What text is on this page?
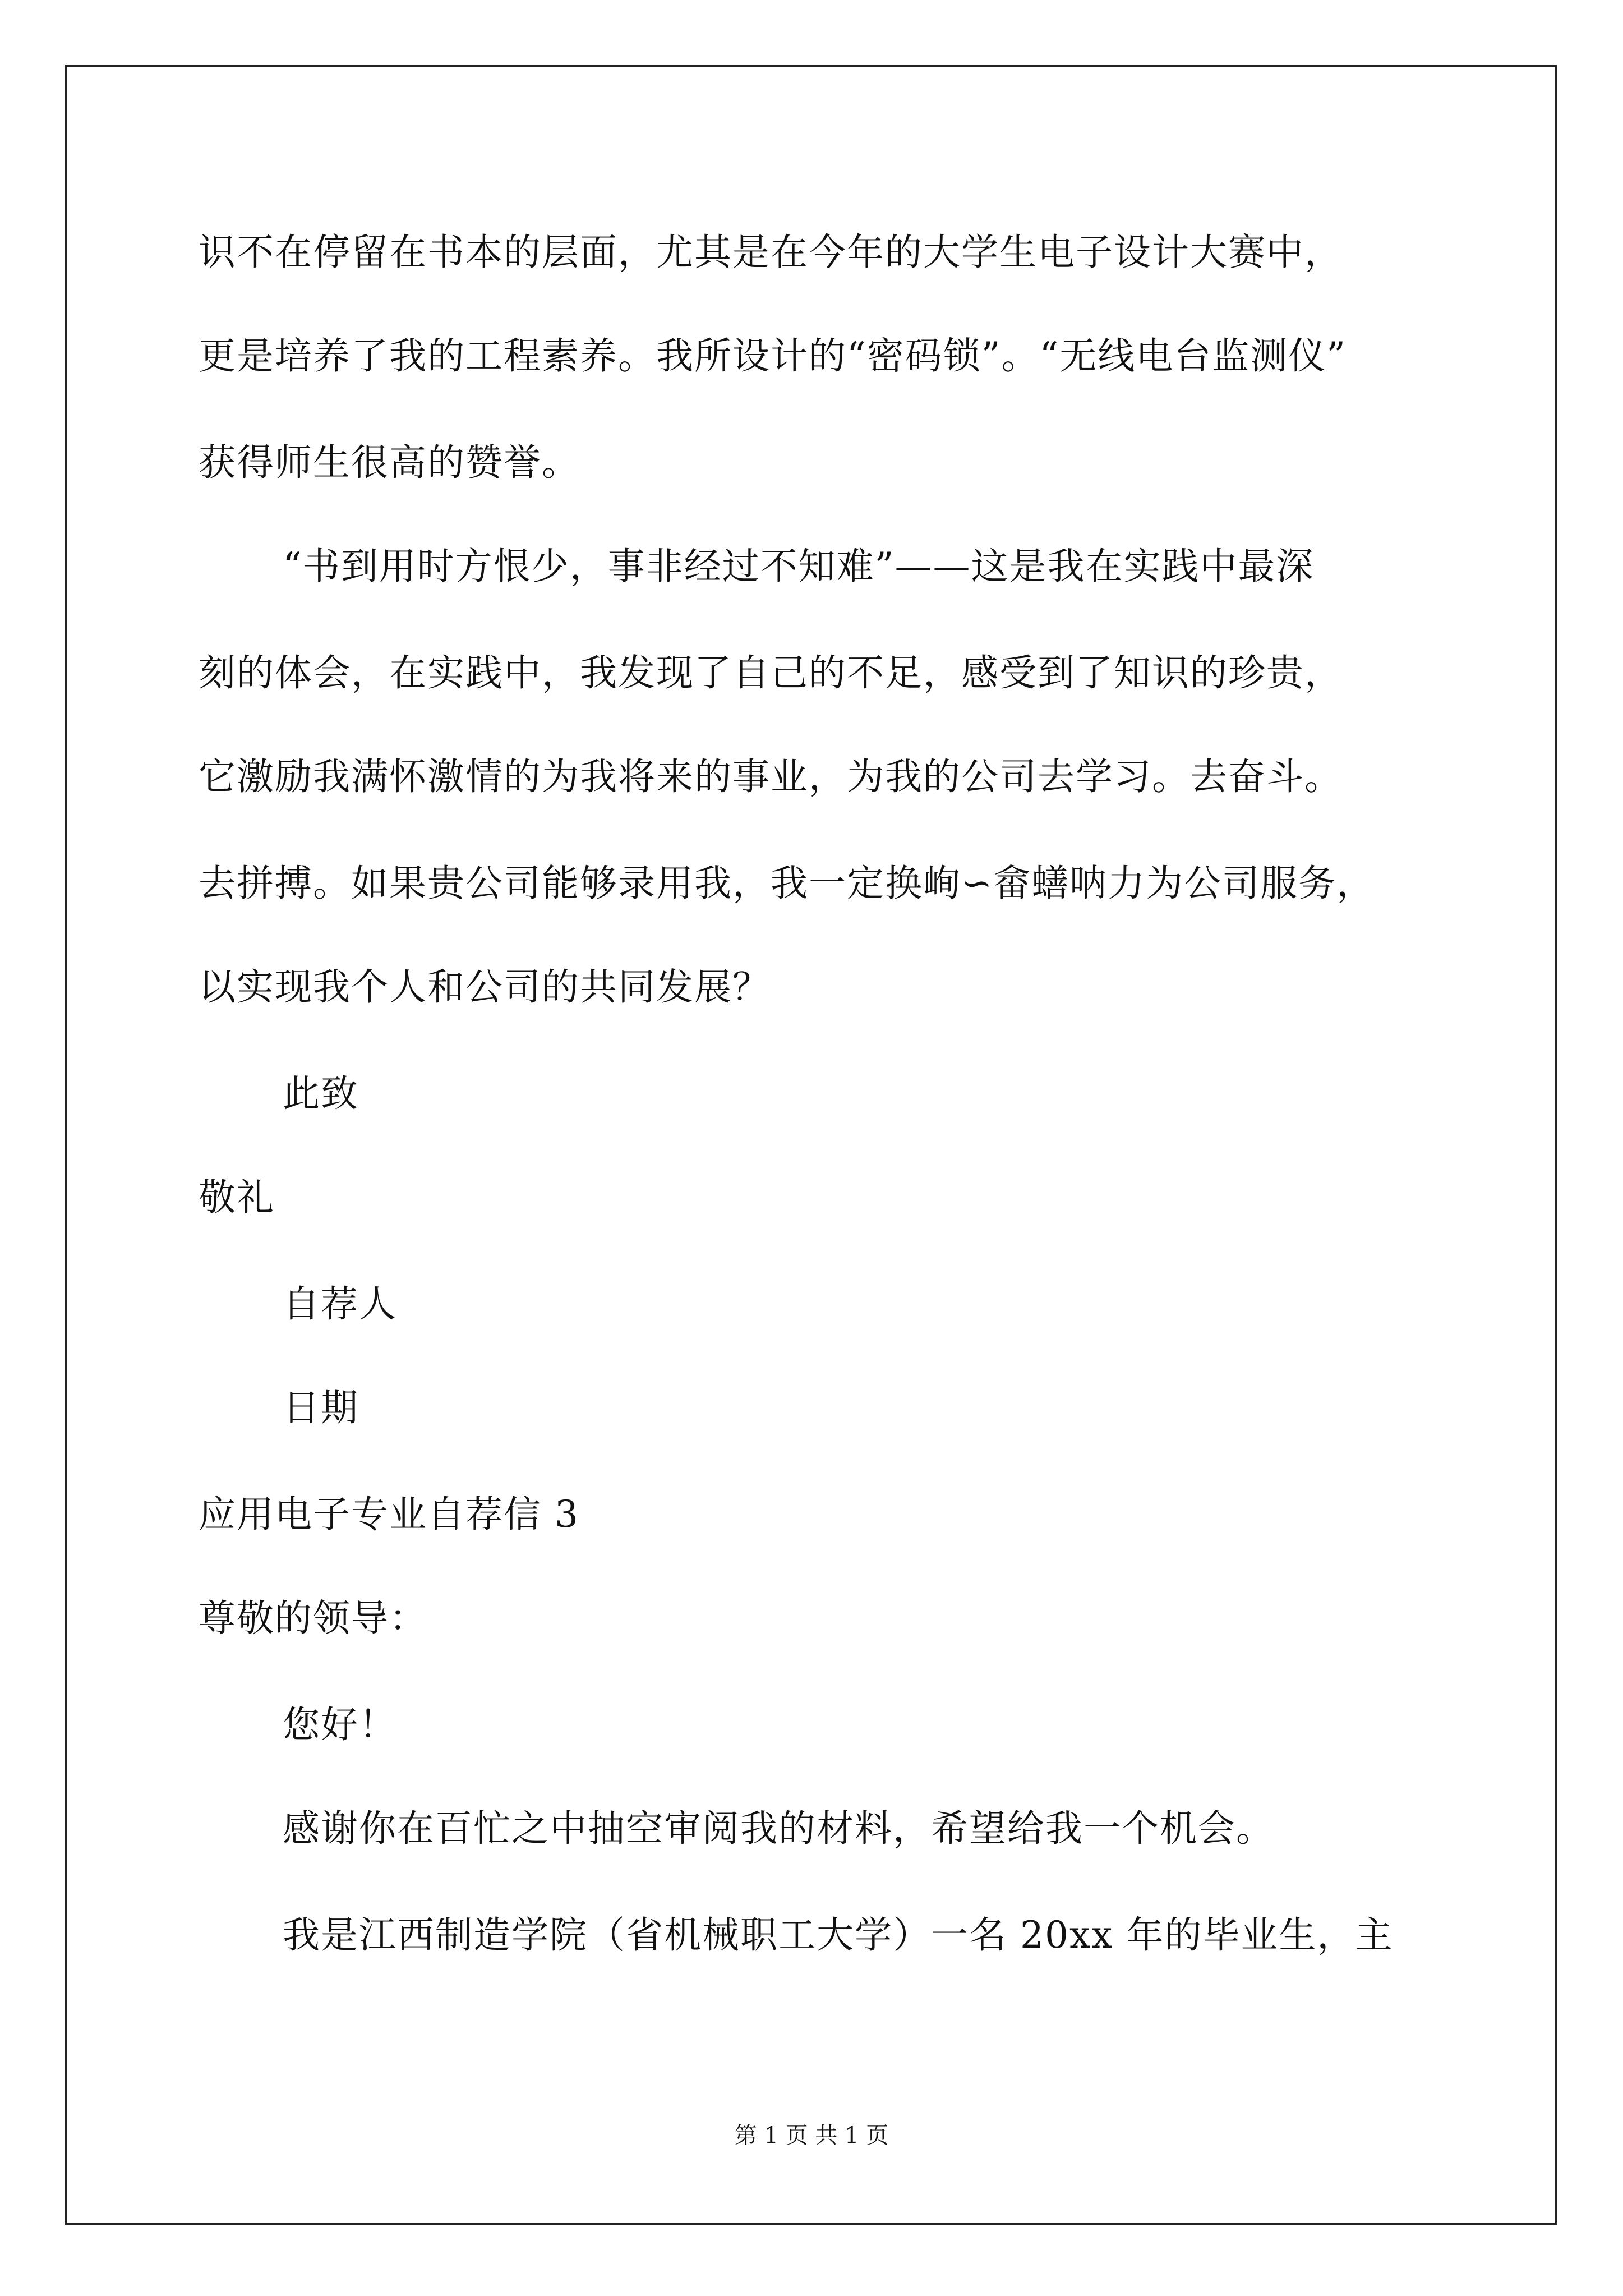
识不在停留在书本的层面，尤其是在今年的大学生电子设计大赛中，
更是培养了我的工程素养。我所设计的“密码锁”。“无线电台监测仪”
获得师生很高的赞誉。
“书到用时方恨少，事非经过不知难”——这是我在实践中最深
刻的体会，在实践中，我发现了自己的不足，感受到了知识的珍贵，
它激励我满怀激情的为我将来的事业，为我的公司去学习。去奋斗。
去拼搏。如果贵公司能够录用我，我一定换峋∽畲蟮呐力为公司服务，
以实现我个人和公司的共同发展？
此致
敬礼
自荐人
日期
应用电子专业自荐信 3
尊敬的领导：
您好！
感谢你在百忙之中抽空审阅我的材料，希望给我一个机会。
我是江西制造学院（省机械职工大学）一名 20xx 年的毕业生，主
第 1 页 共 1 页
